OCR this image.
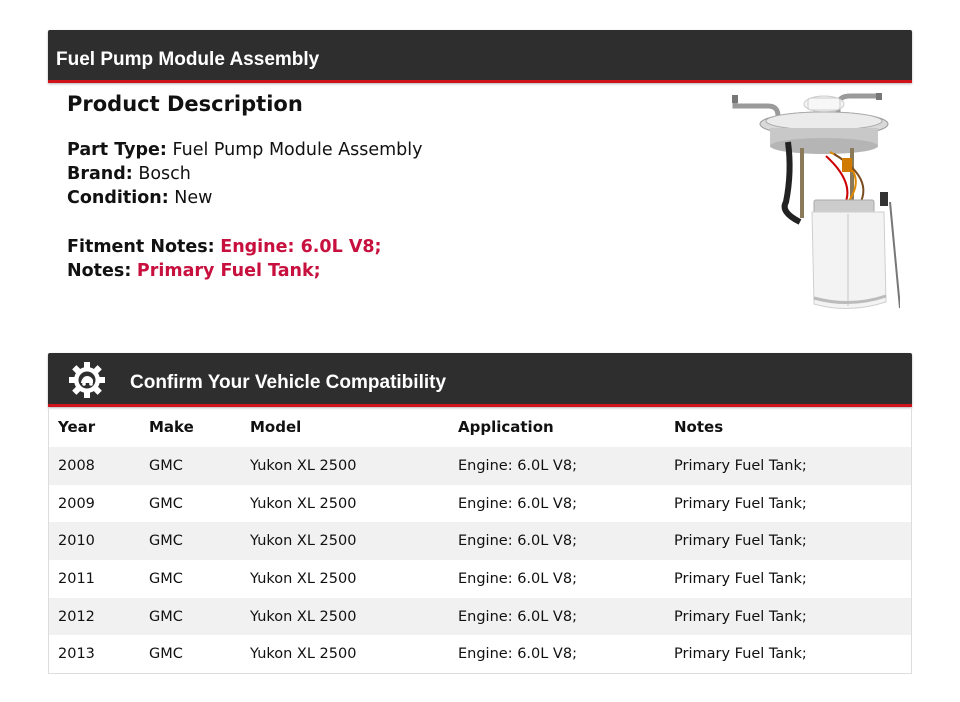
Fuel Pump Module Assembly
Product Description
Part Type: Fuel Pump Module Assembly
Brand: Bosch
Condition: New
Fitment Notes: Engine: 6.0L V8;
Notes: Primary Fuel Tank;
Confirm Your Vehicle Compatibility
Year	Make	Model	Application	Notes
2008	GMC	Yukon XL 2500	Engine: 6.0L V8;	Primary Fuel Tank;
2009	GMC	Yukon XL 2500	Engine: 6.0L V8;	Primary Fuel Tank;
2010	GMC	Yukon XL 2500	Engine: 6.0L V8;	Primary Fuel Tank;
2011	GMC	Yukon XL 2500	Engine: 6.0L V8;	Primary Fuel Tank;
2012	GMC	Yukon XL 2500	Engine: 6.0L V8;	Primary Fuel Tank;
2013	GMC	Yukon XL 2500	Engine: 6.0L V8;	Primary Fuel Tank;
